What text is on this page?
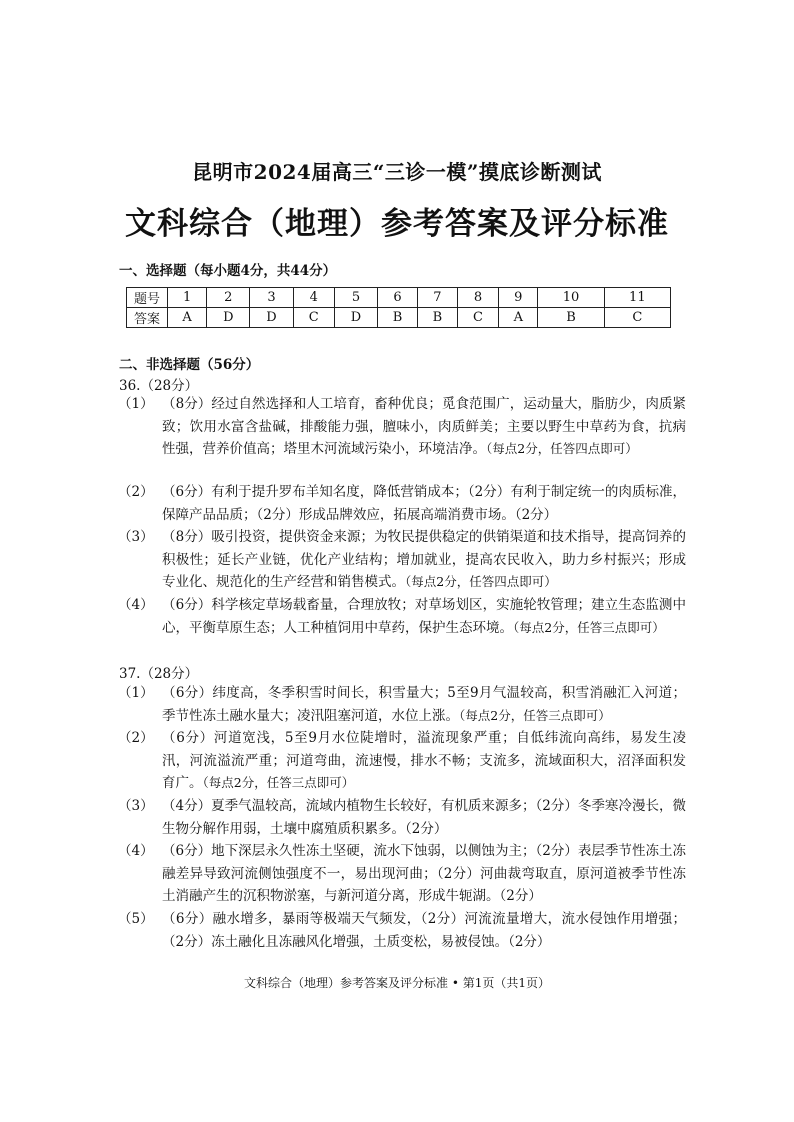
昆明市2024届高三“三诊一模”摸底诊断测试
文科综合（地理）参考答案及评分标准
一、选择题（每小题4分，共44分）
题号	1	2	3	4	5	6	7	8	9	10	11
答案	A	D	D	C	D	B	B	C	A	B	C
二、非选择题（56分）
36.（28分）
（1） （8分）经过自然选择和人工培育，畜种优良；觅食范围广，运动量大，脂肪少，肉质紧致；饮用水富含盐碱，排酸能力强，膻味小，肉质鲜美；主要以野生中草药为食，抗病性强，营养价值高；塔里木河流域污染小，环境洁净。（每点2分，任答四点即可）
（2） （6分）有利于提升罗布羊知名度，降低营销成本；（2分）有利于制定统一的肉质标准，保障产品品质；（2分）形成品牌效应，拓展高端消费市场。（2分）
（3） （8分）吸引投资，提供资金来源；为牧民提供稳定的供销渠道和技术指导，提高饲养的积极性；延长产业链，优化产业结构；增加就业，提高农民收入，助力乡村振兴；形成专业化、规范化的生产经营和销售模式。（每点2分，任答四点即可）
（4） （6分）科学核定草场载畜量，合理放牧；对草场划区，实施轮牧管理；建立生态监测中心，平衡草原生态；人工种植饲用中草药，保护生态环境。（每点2分，任答三点即可）
37.（28分）
（1） （6分）纬度高，冬季积雪时间长，积雪量大；5至9月气温较高，积雪消融汇入河道；季节性冻土融水量大；凌汛阻塞河道，水位上涨。（每点2分，任答三点即可）
（2） （6分）河道宽浅，5至9月水位陡增时，溢流现象严重；自低纬流向高纬，易发生凌汛，河流溢流严重；河道弯曲，流速慢，排水不畅；支流多，流域面积大，沼泽面积发育广。（每点2分，任答三点即可）
（3） （4分）夏季气温较高，流域内植物生长较好，有机质来源多；（2分）冬季寒冷漫长，微生物分解作用弱，土壤中腐殖质积累多。（2分）
（4） （6分）地下深层永久性冻土坚硬，流水下蚀弱，以侧蚀为主；（2分）表层季节性冻土冻融差异导致河流侧蚀强度不一，易出现河曲；（2分）河曲裁弯取直，原河道被季节性冻土消融产生的沉积物淤塞，与新河道分离，形成牛轭湖。（2分）
（5） （6分）融水增多，暴雨等极端天气频发，（2分）河流流量增大，流水侵蚀作用增强；（2分）冻土融化且冻融风化增强，土质变松，易被侵蚀。（2分）
文科综合（地理）参考答案及评分标准 • 第1页（共1页）
